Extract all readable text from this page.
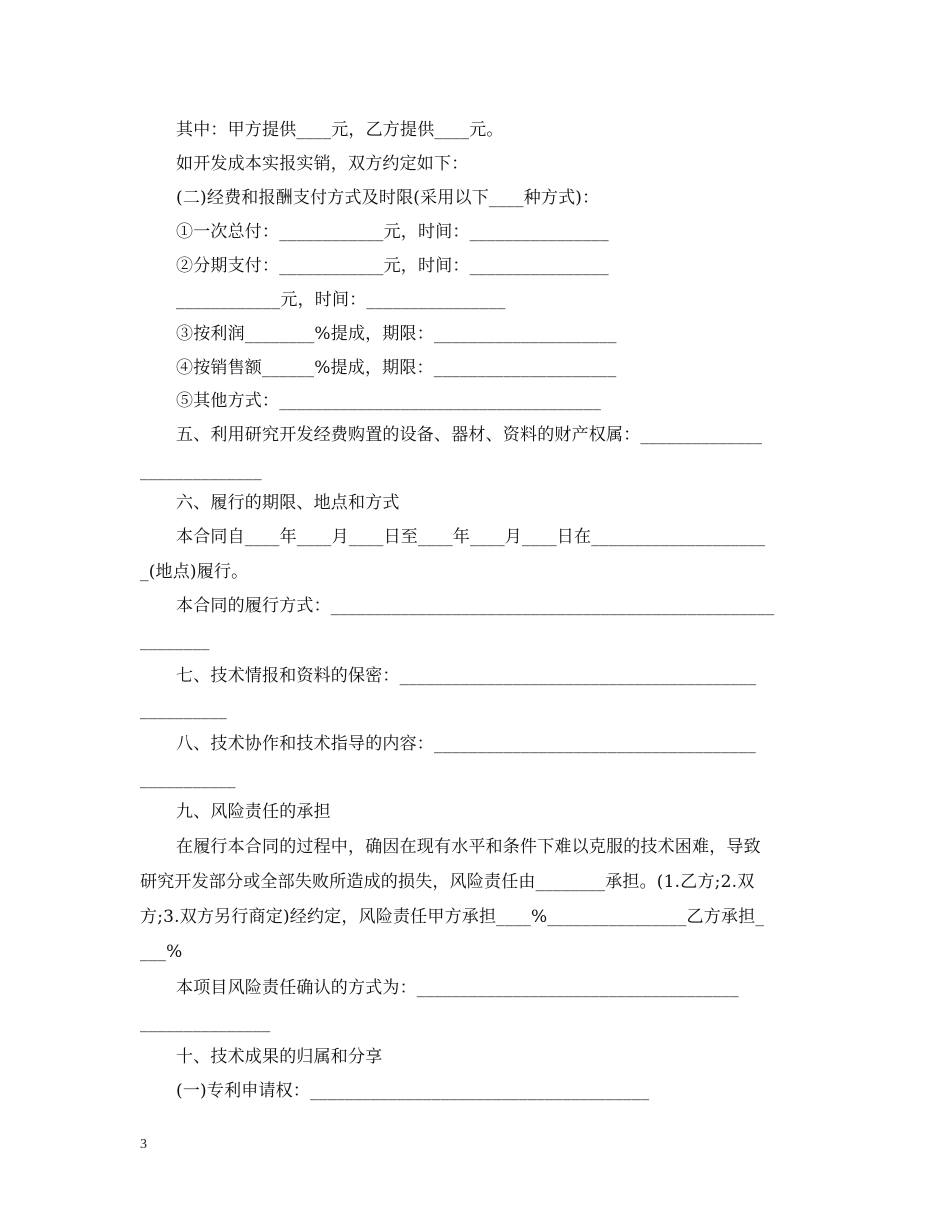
其中：甲方提供____元，乙方提供____元。
如开发成本实报实销，双方约定如下：
(二)经费和报酬支付方式及时限(采用以下____种方式)：
①一次总付：____________元，时间：________________
②分期支付：____________元，时间：________________
____________元，时间：________________
③按利润________%提成，期限：_____________________
④按销售额______%提成，期限：_____________________
⑤其他方式：_____________________________________
五、利用研究开发经费购置的设备、器材、资料的财产权属：______________
______________
六、履行的期限、地点和方式
本合同自____年____月____日至____年____月____日在____________________
_(地点)履行。
本合同的履行方式：___________________________________________________
________
七、技术情报和资料的保密：_________________________________________
__________
八、技术协作和技术指导的内容：_____________________________________
___________
九、风险责任的承担
在履行本合同的过程中，确因在现有水平和条件下难以克服的技术困难，导致
研究开发部分或全部失败所造成的损失，风险责任由________承担。(1.乙方;2.双
方;3.双方另行商定)经约定，风险责任甲方承担____%________________乙方承担_
___%
本项目风险责任确认的方式为：_____________________________________
_______________
十、技术成果的归属和分享
(一)专利申请权：_______________________________________
3
